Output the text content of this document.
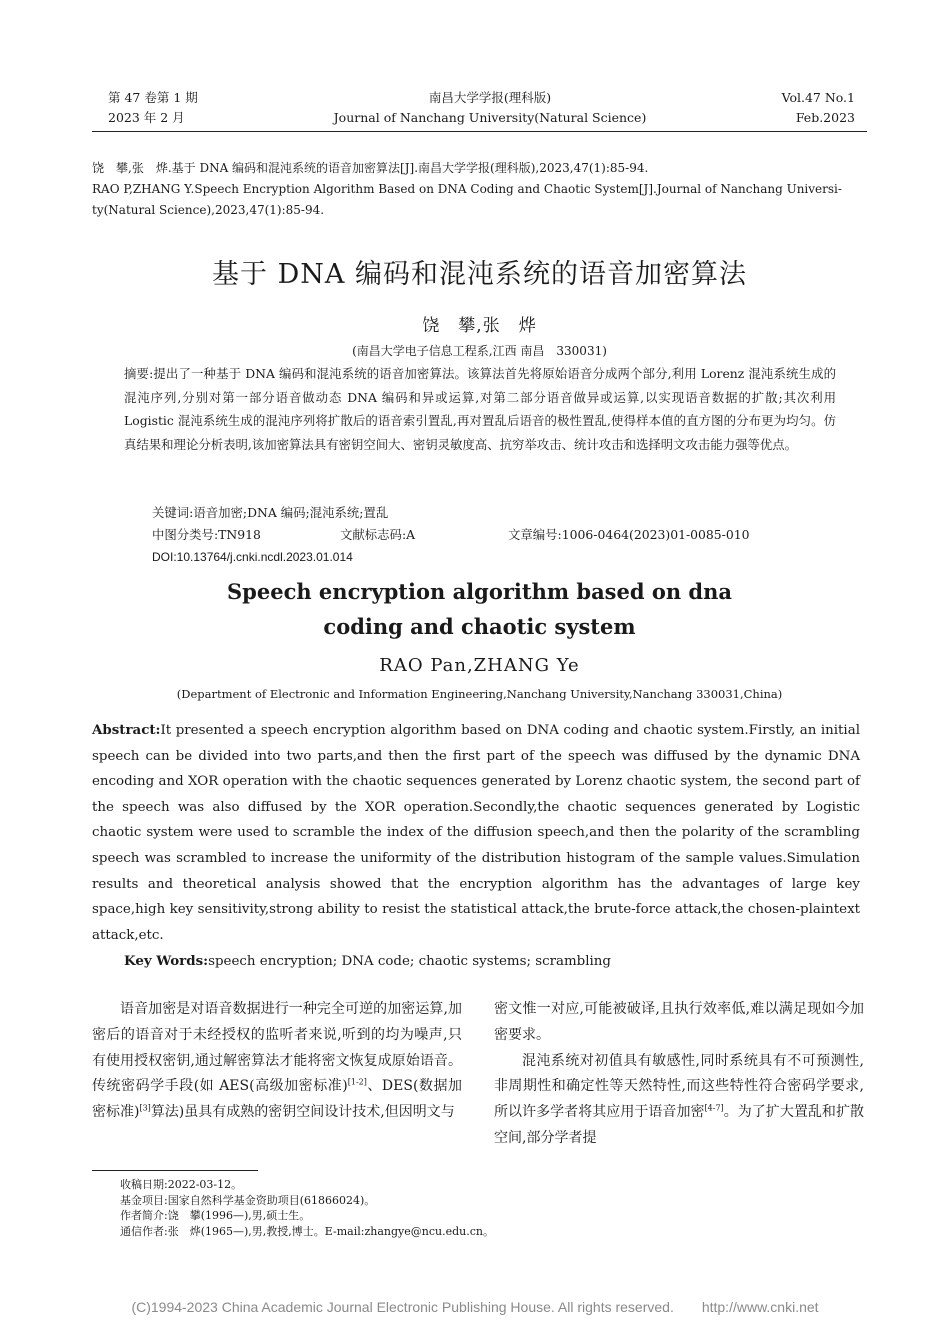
第 47 卷第 1 期
2023 年 2 月
南昌大学学报(理科版)
Journal of Nanchang University(Natural Science)
Vol.47 No.1
Feb.2023
饶　攀,张　烨.基于 DNA 编码和混沌系统的语音加密算法[J].南昌大学学报(理科版),2023,47(1):85-94.
RAO P,ZHANG Y.Speech Encryption Algorithm Based on DNA Coding and Chaotic System[J].Journal of Nanchang Universi-
ty(Natural Science),2023,47(1):85-94.
基于 DNA 编码和混沌系统的语音加密算法
饶　攀,张　烨
(南昌大学电子信息工程系,江西 南昌　330031)
摘要:提出了一种基于 DNA 编码和混沌系统的语音加密算法。该算法首先将原始语音分成两个部分,利用 Lorenz 混沌系统生成的混沌序列,分别对第一部分语音做动态 DNA 编码和异或运算,对第二部分语音做异或运算,以实现语音数据的扩散;其次利用 Logistic 混沌系统生成的混沌序列将扩散后的语音索引置乱,再对置乱后语音的极性置乱,使得样本值的直方图的分布更为均匀。仿真结果和理论分析表明,该加密算法具有密钥空间大、密钥灵敏度高、抗穷举攻击、统计攻击和选择明文攻击能力强等优点。
关键词:语音加密;DNA 编码;混沌系统;置乱
中图分类号:TN918	文献标志码:A	文章编号:1006-0464(2023)01-0085-010
DOI:10.13764/j.cnki.ncdl.2023.01.014
Speech encryption algorithm based on dna
coding and chaotic system
RAO Pan,ZHANG Ye
(Department of Electronic and Information Engineering,Nanchang University,Nanchang 330031,China)
Abstract:It presented a speech encryption algorithm based on DNA coding and chaotic system.Firstly, an initial speech can be divided into two parts,and then the first part of the speech was diffused by the dynamic DNA encoding and XOR operation with the chaotic sequences generated by Lorenz chaotic system, the second part of the speech was also diffused by the XOR operation.Secondly,the chaotic sequences generated by Logistic chaotic system were used to scramble the index of the diffusion speech,and then the polarity of the scrambling speech was scrambled to increase the uniformity of the distribution histogram of the sample values.Simulation results and theoretical analysis showed that the encryption algorithm has the advantages of large key space,high key sensitivity,strong ability to resist the statistical attack,the brute-force attack,the chosen-plaintext attack,etc.
Key Words:speech encryption; DNA code; chaotic systems; scrambling

语音加密是对语音数据进行一种完全可逆的加密运算,加密后的语音对于未经授权的监听者来说,听到的均为噪声,只有使用授权密钥,通过解密算法才能将密文恢复成原始语音。传统密码学手段(如 AES(高级加密标准)[1-2]、DES(数据加密标准)[3]算法)虽具有成熟的密钥空间设计技术,但因明文与

密文惟一对应,可能被破译,且执行效率低,难以满足现如今加密要求。

混沌系统对初值具有敏感性,同时系统具有不可预测性,非周期性和确定性等天然特性,而这些特性符合密码学要求,所以许多学者将其应用于语音加密[4-7]。为了扩大置乱和扩散空间,部分学者提

收稿日期:2022-03-12。
基金项目:国家自然科学基金资助项目(61866024)。
作者简介:饶　攀(1996—),男,硕士生。
通信作者:张　烨(1965—),男,教授,博士。E-mail:zhangye@ncu.edu.cn。
(C)1994-2023 China Academic Journal Electronic Publishing House. All rights reserved.　　http://www.cnki.net
